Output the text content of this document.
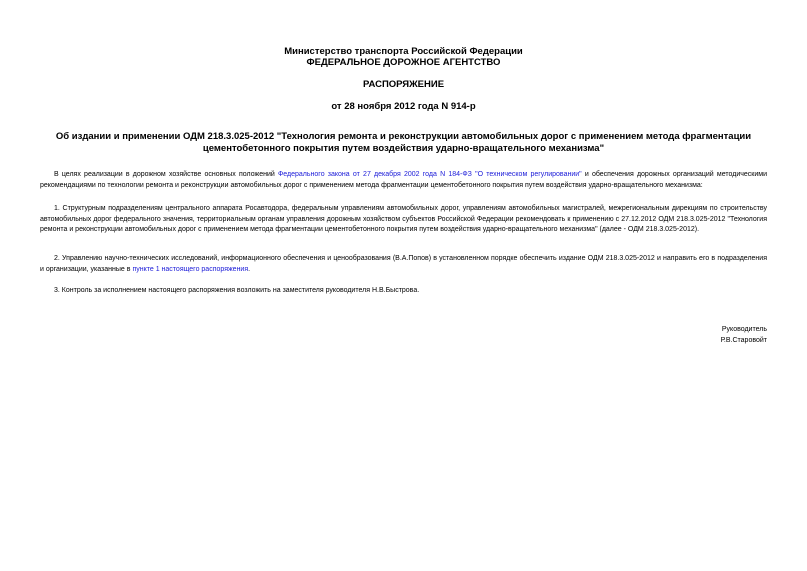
Министерство транспорта Российской Федерации
ФЕДЕРАЛЬНОЕ ДОРОЖНОЕ АГЕНТСТВО
РАСПОРЯЖЕНИЕ
от 28 ноября 2012 года N 914-р
Об издании и применении ОДМ 218.3.025-2012 "Технология ремонта и реконструкции автомобильных дорог с применением метода фрагментации
цементобетонного покрытия путем воздействия ударно-вращательного механизма"
В целях реализации в дорожном хозяйстве основных положений Федерального закона от 27 декабря 2002 года N 184-ФЗ "О техническом регулировании" и обеспечения дорожных организаций методическими рекомендациями по технологии ремонта и реконструкции автомобильных дорог с применением метода фрагментации цементобетонного покрытия путем воздействия ударно-вращательного механизма:
1. Структурным подразделениям центрального аппарата Росавтодора, федеральным управлениям автомобильных дорог, управлениям автомобильных магистралей, межрегиональным дирекциям по строительству автомобильных дорог федерального значения, территориальным органам управления дорожным хозяйством субъектов Российской Федерации рекомендовать к применению с 27.12.2012 ОДМ 218.3.025-2012 "Технология ремонта и реконструкции автомобильных дорог с применением метода фрагментации цементобетонного покрытия путем воздействия ударно-вращательного механизма" (далее - ОДМ 218.3.025-2012).
2. Управлению научно-технических исследований, информационного обеспечения и ценообразования (В.А.Попов) в установленном порядке обеспечить издание ОДМ 218.3.025-2012 и направить его в подразделения и организации, указанные в пункте 1 настоящего распоряжения.
3. Контроль за исполнением настоящего распоряжения возложить на заместителя руководителя Н.В.Быстрова.
Руководитель
Р.В.Старовойт
